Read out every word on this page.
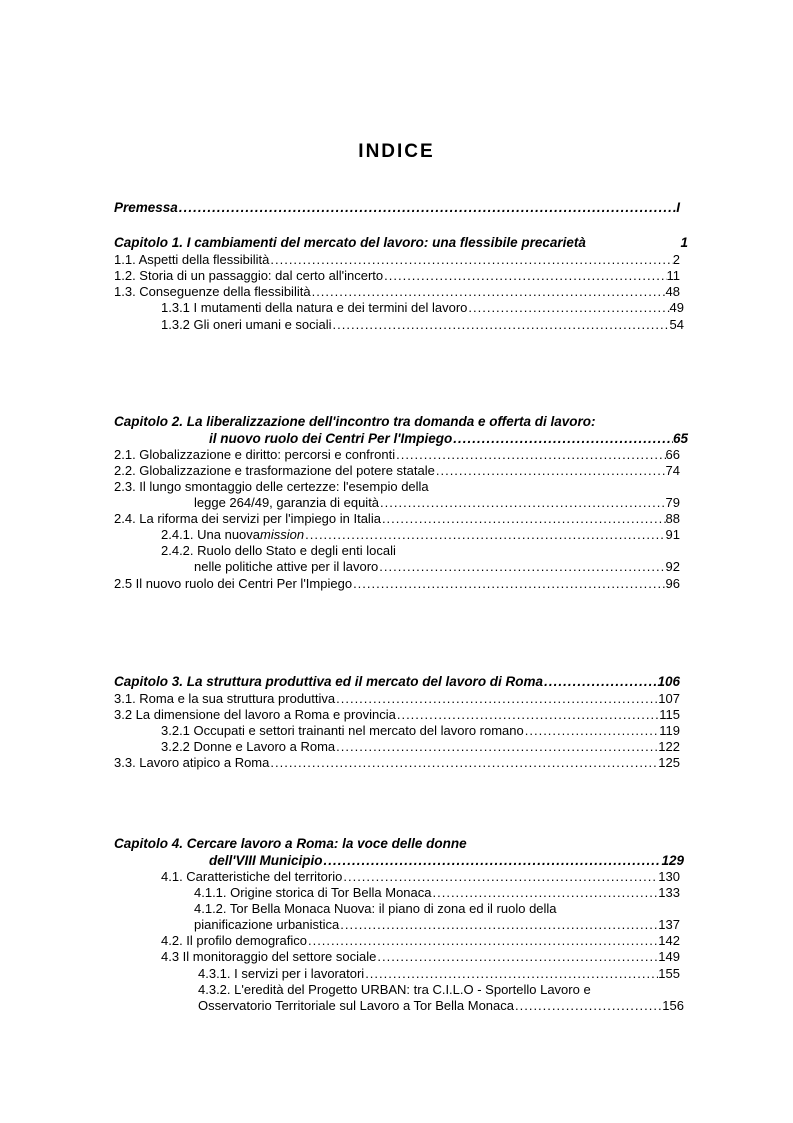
INDICE
Premessa .....	I
Capitolo 1. I cambiamenti del mercato del lavoro: una flessibile precarietà	1
1.1. Aspetti della flessibilità .....	2
1.2. Storia di un passaggio: dal certo all'incerto .....	11
1.3. Conseguenze della flessibilità .....	48
1.3.1 I mutamenti della natura e dei termini del lavoro .....	49
1.3.2 Gli oneri umani e sociali .....	54
Capitolo 2. La liberalizzazione dell'incontro tra domanda e offerta di lavoro:
il nuovo ruolo dei Centri Per l'Impiego .....	65
2.1. Globalizzazione e diritto: percorsi e confronti .....	66
2.2. Globalizzazione e trasformazione del potere statale .....	74
2.3. Il lungo smontaggio delle certezze: l'esempio della
legge 264/49, garanzia di equità .....	79
2.4. La riforma dei servizi per l'impiego in Italia .....	88
2.4.1. Una nuova mission .....	91
2.4.2. Ruolo dello Stato e degli enti locali
nelle politiche attive per il lavoro .....	92
2.5 Il nuovo ruolo dei Centri Per l'Impiego .....	96
Capitolo 3. La struttura produttiva ed il mercato del lavoro di Roma .....	106
3.1. Roma e la sua struttura produttiva .....	107
3.2 La dimensione del lavoro a Roma e provincia .....	115
3.2.1 Occupati e settori trainanti nel mercato del lavoro romano .....	119
3.2.2 Donne e Lavoro a Roma .....	122
3.3. Lavoro atipico a Roma .....	125
Capitolo 4. Cercare lavoro a Roma: la voce delle donne
dell'VIII Municipio .....	129
4.1. Caratteristiche del territorio .....	130
4.1.1. Origine storica di Tor Bella Monaca .....	133
4.1.2. Tor Bella Monaca Nuova: il piano di zona ed il ruolo della
pianificazione urbanistica .....	137
4.2. Il profilo demografico .....	142
4.3 Il monitoraggio del settore sociale .....	149
4.3.1. I servizi per i lavoratori .....	155
4.3.2. L'eredità del Progetto URBAN: tra C.I.L.O - Sportello Lavoro e
Osservatorio Territoriale sul Lavoro a Tor Bella Monaca .....	156
